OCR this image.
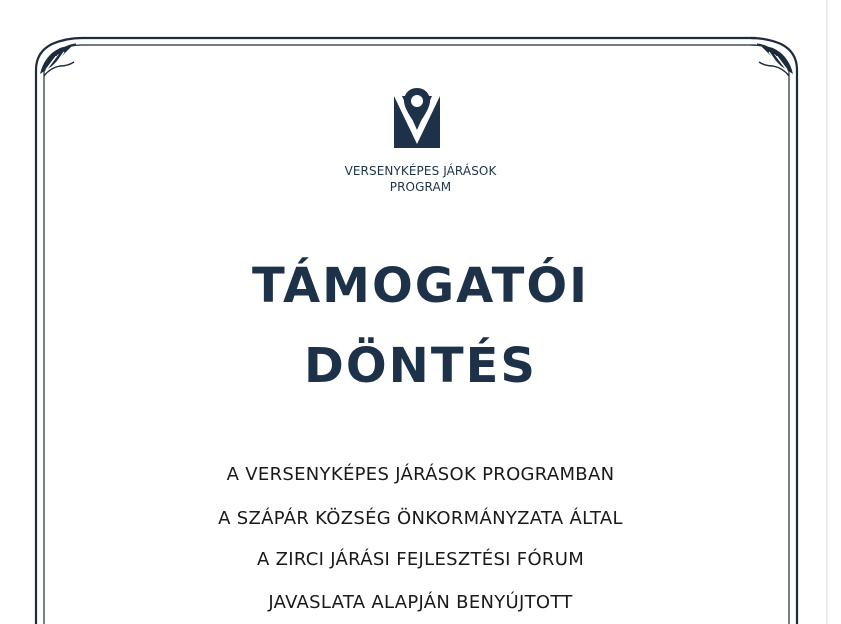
VERSENYKÉPES JÁRÁSOK
PROGRAM
TÁMOGATÓI
DÖNTÉS
A VERSENYKÉPES JÁRÁSOK PROGRAMBAN
A SZÁPÁR KÖZSÉG ÖNKORMÁNYZATA ÁLTAL
A ZIRCI JÁRÁSI FEJLESZTÉSI FÓRUM
JAVASLATA ALAPJÁN BENYÚJTOTT
